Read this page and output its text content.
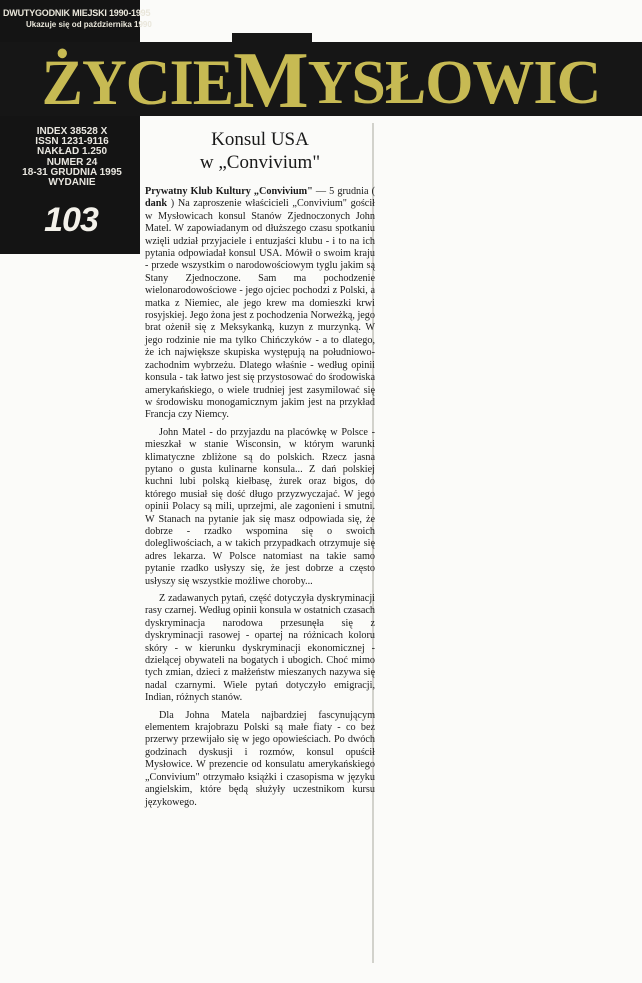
DWUTYGODNIK MIEJSKI 1990-1995
Ukazuje się od października 1990
ŻYCIE M YSŁOWIC
INDEX 38528 X
ISSN 1231-9116
NAKŁAD 1.250
NUMER 24
18-31 GRUDNIA 1995
WYDANIE
103
Konsul USA
w „Convivium"

Prywatny Klub Kultury „Convivium" — 5 grudnia ( dank ) Na zaproszenie właścicieli „Convivium" gościł w Mysłowicach konsul Stanów Zjednoczonych John Matel. W zapowiadanym od dłuższego czasu spotkaniu wzięli udział przyjaciele i entuzjaści klubu - i to na ich pytania odpowiadał konsul USA. Mówił o swoim kraju - przede wszystkim o narodowościowym tyglu jakim są Stany Zjednoczone. Sam ma pochodzenie wielonarodowościowe - jego ojciec pochodzi z Polski, a matka z Niemiec, ale jego krew ma domieszki krwi rosyjskiej. Jego żona jest z pochodzenia Norweżką, jego brat ożenił się z Meksykanką, kuzyn z murzynką. W jego rodzinie nie ma tylko Chińczyków - a to dlatego, że ich największe skupiska występują na południowo-zachodnim wybrzeżu. Dlatego właśnie - według opinii konsula - tak łatwo jest się przystosować do środowiska amerykańskiego, o wiele trudniej jest zasymilować się w środowisku monogamicznym jakim jest na przykład Francja czy Niemcy.

John Matel - do przyjazdu na placówkę w Polsce - mieszkał w stanie Wisconsin, w którym warunki klimatyczne zbliżone są do polskich. Rzecz jasna pytano o gusta kulinarne konsula... Z dań polskiej kuchni lubi polską kiełbasę, żurek oraz bigos, do którego musiał się dość długo przyzwyczajać. W jego opinii Polacy są mili, uprzejmi, ale zagonieni i smutni. W Stanach na pytanie jak się masz odpowiada się, że dobrze - rzadko wspomina się o swoich dolegliwościach, a w takich przypadkach otrzymuje się adres lekarza. W Polsce natomiast na takie samo pytanie rzadko usłyszy się, że jest dobrze a często usłyszy się wszystkie możliwe choroby...

Z zadawanych pytań, część dotyczyła dyskryminacji rasy czarnej. Według opinii konsula w ostatnich czasach dyskryminacja narodowa przesunęła się z dyskryminacji rasowej - opartej na różnicach koloru skóry - w kierunku dyskryminacji ekonomicznej - dzielącej obywateli na bogatych i ubogich. Choć mimo tych zmian, dzieci z małżeństw mieszanych nazywa się nadal czarnymi. Wiele pytań dotyczyło emigracji, Indian, różnych stanów.

Dla Johna Matela najbardziej fascynującym elementem krajobrazu Polski są małe fiaty - co bez przerwy przewijało się w jego opowieściach. Po dwóch godzinach dyskusji i rozmów, konsul opuścił Mysłowice. W prezencie od konsulatu amerykańskiego „Convivium" otrzymało książki i czasopisma w języku angielskim, które będą służyły uczestnikom kursu językowego.
